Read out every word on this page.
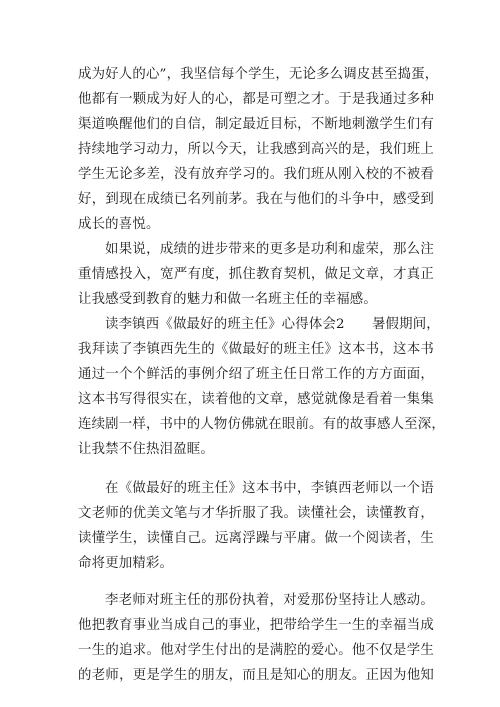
成为好人的心”，我坚信每个学生，无论多么调皮甚至捣蛋，
他都有一颗成为好人的心，都是可塑之才。于是我通过多种
渠道唤醒他们的自信，制定最近目标，不断地刺激学生们有
持续地学习动力，所以今天，让我感到高兴的是，我们班上
学生无论多差，没有放弃学习的。我们班从刚入校的不被看
好，到现在成绩已名列前茅。我在与他们的斗争中，感受到
成长的喜悦。
如果说，成绩的进步带来的更多是功利和虚荣，那么注
重情感投入，宽严有度，抓住教育契机，做足文章，才真正
让我感受到教育的魅力和做一名班主任的幸福感。
读李镇西《做最好的班主任》心得体会2　　暑假期间，
我拜读了李镇西先生的《做最好的班主任》这本书，这本书
通过一个个鲜活的事例介绍了班主任日常工作的方方面面，
这本书写得很实在，读着他的文章，感觉就像是看着一集集
连续剧一样，书中的人物仿佛就在眼前。有的故事感人至深，
让我禁不住热泪盈眶。
在《做最好的班主任》这本书中，李镇西老师以一个语
文老师的优美文笔与才华折服了我。读懂社会，读懂教育，
读懂学生，读懂自己。远离浮躁与平庸。做一个阅读者，生
命将更加精彩。
李老师对班主任的那份执着，对爱那份坚持让人感动。
他把教育事业当成自己的事业，把带给学生一生的幸福当成
一生的追求。他对学生付出的是满腔的爱心。他不仅是学生
的老师，更是学生的朋友，而且是知心的朋友。正因为他知
